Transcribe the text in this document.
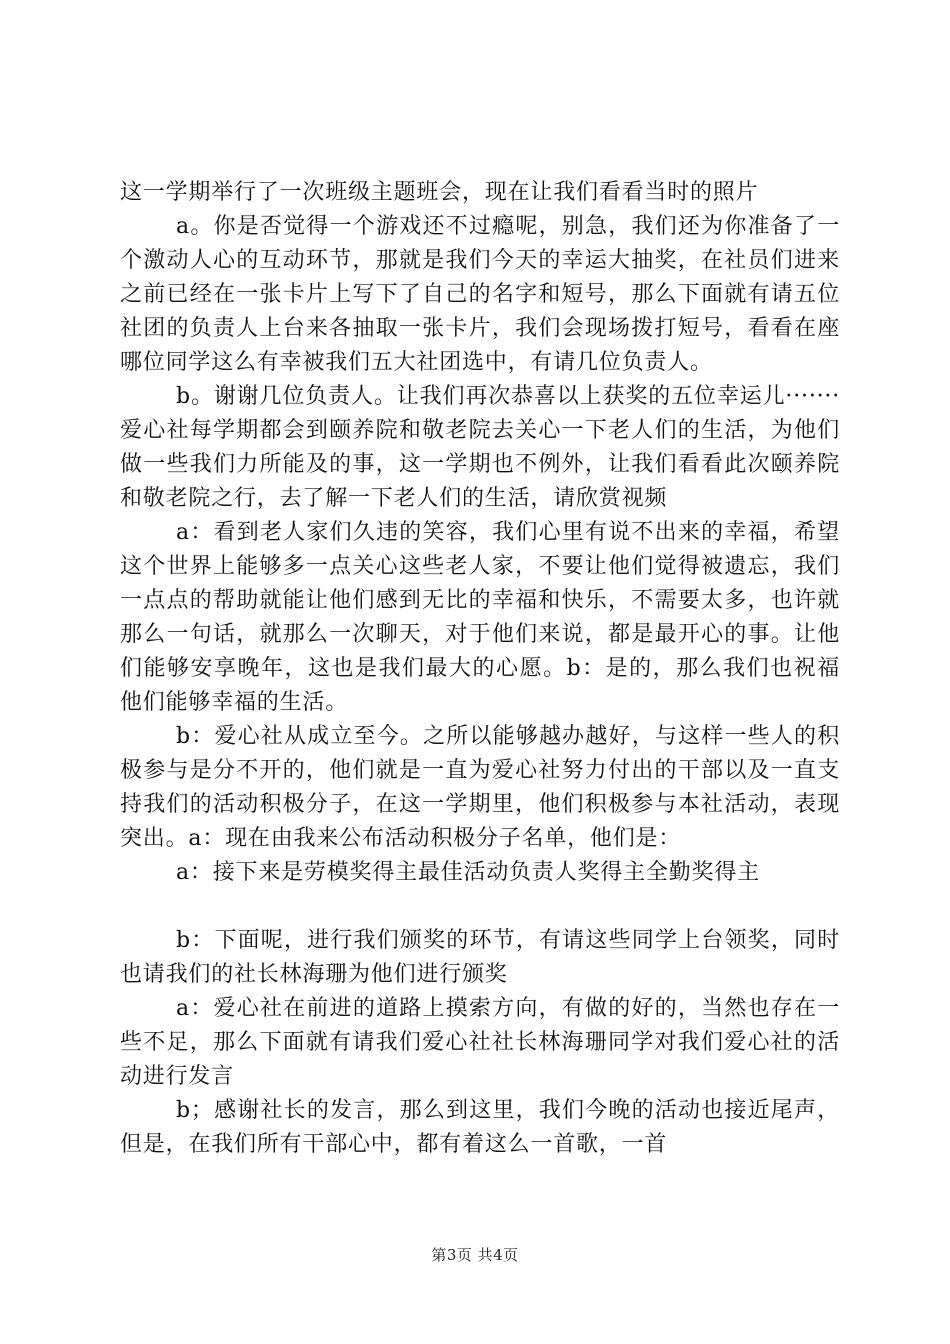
这一学期举行了一次班级主题班会，现在让我们看看当时的照片

a。你是否觉得一个游戏还不过瘾呢，别急，我们还为你准备了一个激动人心的互动环节，那就是我们今天的幸运大抽奖，在社员们进来之前已经在一张卡片上写下了自己的名字和短号，那么下面就有请五位社团的负责人上台来各抽取一张卡片，我们会现场拨打短号，看看在座哪位同学这么有幸被我们五大社团选中，有请几位负责人。

b。谢谢几位负责人。让我们再次恭喜以上获奖的五位幸运儿·······爱心社每学期都会到颐养院和敬老院去关心一下老人们的生活，为他们做一些我们力所能及的事，这一学期也不例外，让我们看看此次颐养院和敬老院之行，去了解一下老人们的生活，请欣赏视频

a：看到老人家们久违的笑容，我们心里有说不出来的幸福，希望这个世界上能够多一点关心这些老人家，不要让他们觉得被遗忘，我们一点点的帮助就能让他们感到无比的幸福和快乐，不需要太多，也许就那么一句话，就那么一次聊天，对于他们来说，都是最开心的事。让他们能够安享晚年，这也是我们最大的心愿。b：是的，那么我们也祝福他们能够幸福的生活。

b：爱心社从成立至今。之所以能够越办越好，与这样一些人的积极参与是分不开的，他们就是一直为爱心社努力付出的干部以及一直支持我们的活动积极分子，在这一学期里，他们积极参与本社活动，表现突出。a：现在由我来公布活动积极分子名单，他们是：

a：接下来是劳模奖得主最佳活动负责人奖得主全勤奖得主

b：下面呢，进行我们颁奖的环节，有请这些同学上台领奖，同时也请我们的社长林海珊为他们进行颁奖

a：爱心社在前进的道路上摸索方向，有做的好的，当然也存在一些不足，那么下面就有请我们爱心社社长林海珊同学对我们爱心社的活动进行发言

b；感谢社长的发言，那么到这里，我们今晚的活动也接近尾声，但是，在我们所有干部心中，都有着这么一首歌，一首

第3页 共4页
